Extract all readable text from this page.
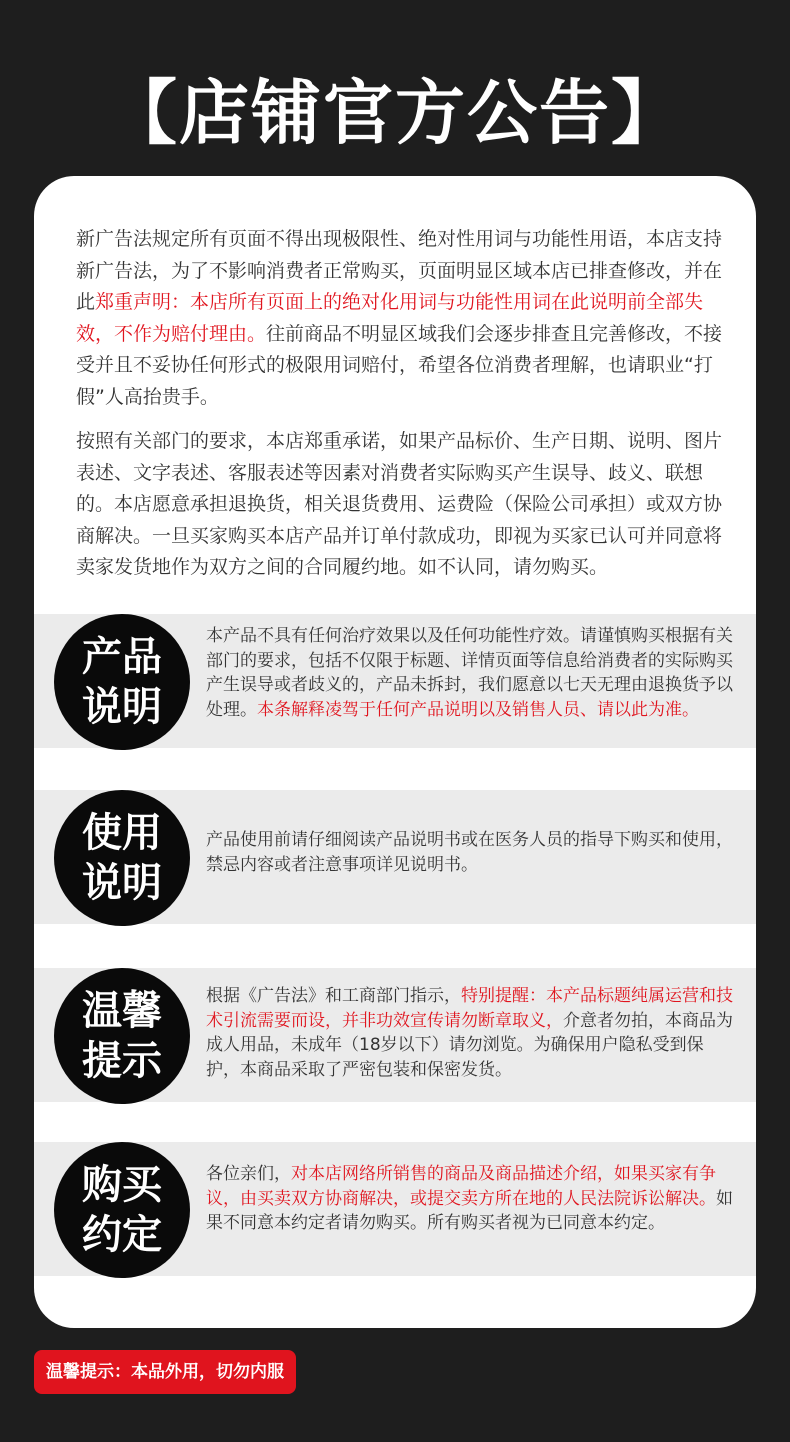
【店铺官方公告】

新广告法规定所有页面不得出现极限性、绝对性用词与功能性用语，本店支持新广告法，为了不影响消费者正常购买，页面明显区域本店已排查修改，并在此郑重声明：本店所有页面上的绝对化用词与功能性用词在此说明前全部失效，不作为赔付理由。往前商品不明显区域我们会逐步排查且完善修改，不接受并且不妥协任何形式的极限用词赔付，希望各位消费者理解，也请职业“打假”人高抬贵手。

按照有关部门的要求，本店郑重承诺，如果产品标价、生产日期、说明、图片表述、文字表述、客服表述等因素对消费者实际购买产生误导、歧义、联想的。本店愿意承担退换货，相关退货费用、运费险（保险公司承担）或双方协商解决。一旦买家购买本店产品并订单付款成功，即视为买家已认可并同意将卖家发货地作为双方之间的合同履约地。如不认同，请勿购买。

产品
说明

本产品不具有任何治疗效果以及任何功能性疗效。请谨慎购买根据有关部门的要求，包括不仅限于标题、详情页面等信息给消费者的实际购买产生误导或者歧义的，产品未拆封，我们愿意以七天无理由退换货予以处理。本条解释凌驾于任何产品说明以及销售人员、请以此为准。

使用
说明

产品使用前请仔细阅读产品说明书或在医务人员的指导下购买和使用，禁忌内容或者注意事项详见说明书。

温馨
提示

根据《广告法》和工商部门指示，特别提醒：本产品标题纯属运营和技术引流需要而设，并非功效宣传请勿断章取义，介意者勿拍，本商品为成人用品，未成年（18岁以下）请勿浏览。为确保用户隐私受到保护，本商品采取了严密包装和保密发货。

购买
约定

各位亲们，对本店网络所销售的商品及商品描述介绍，如果买家有争议，由买卖双方协商解决，或提交卖方所在地的人民法院诉讼解决。如果不同意本约定者请勿购买。所有购买者视为已同意本约定。

温馨提示：本品外用，切勿内服
